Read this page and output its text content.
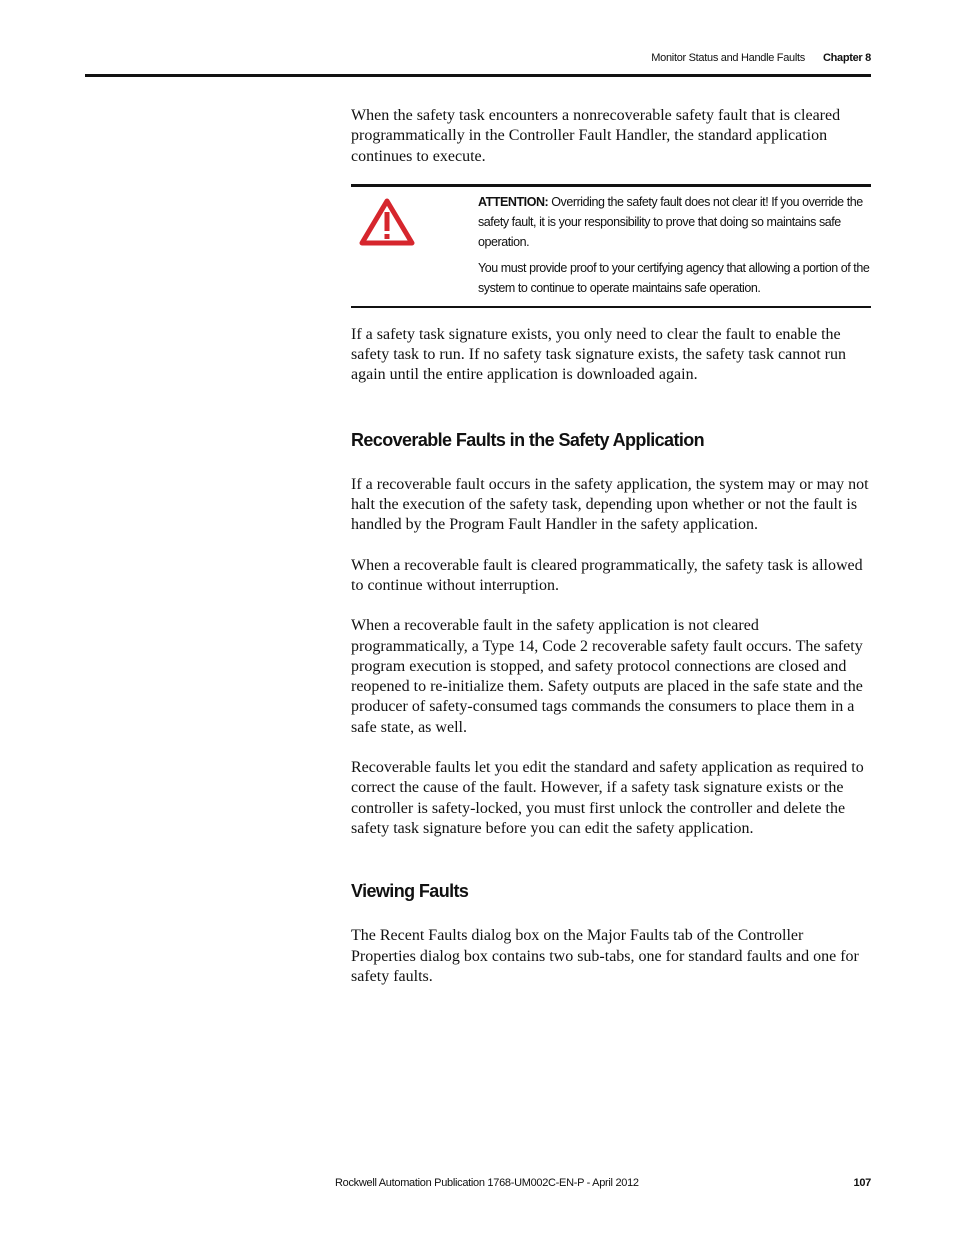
Monitor Status and Handle Faults Chapter 8

When the safety task encounters a nonrecoverable safety fault that is cleared programmatically in the Controller Fault Handler, the standard application continues to execute.

ATTENTION: Overriding the safety fault does not clear it! If you override the safety fault, it is your responsibility to prove that doing so maintains safe operation.

You must provide proof to your certifying agency that allowing a portion of the system to continue to operate maintains safe operation.

If a safety task signature exists, you only need to clear the fault to enable the safety task to run. If no safety task signature exists, the safety task cannot run again until the entire application is downloaded again.

Recoverable Faults in the Safety Application

If a recoverable fault occurs in the safety application, the system may or may not halt the execution of the safety task, depending upon whether or not the fault is handled by the Program Fault Handler in the safety application.

When a recoverable fault is cleared programmatically, the safety task is allowed to continue without interruption.

When a recoverable fault in the safety application is not cleared programmatically, a Type 14, Code 2 recoverable safety fault occurs. The safety program execution is stopped, and safety protocol connections are closed and reopened to re-initialize them. Safety outputs are placed in the safe state and the producer of safety-consumed tags commands the consumers to place them in a safe state, as well.

Recoverable faults let you edit the standard and safety application as required to correct the cause of the fault. However, if a safety task signature exists or the controller is safety-locked, you must first unlock the controller and delete the safety task signature before you can edit the safety application.

Viewing Faults

The Recent Faults dialog box on the Major Faults tab of the Controller Properties dialog box contains two sub-tabs, one for standard faults and one for safety faults.

Rockwell Automation Publication 1768-UM002C-EN-P - April 2012	107
